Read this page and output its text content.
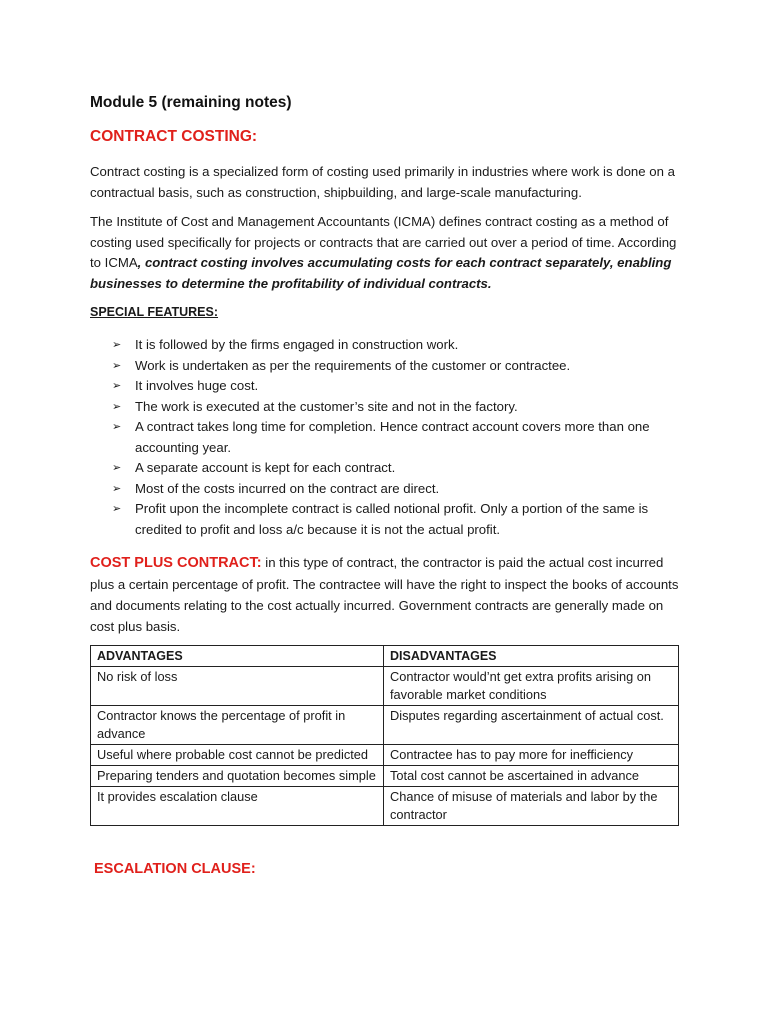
Module 5 (remaining notes)
CONTRACT COSTING:
Contract costing is a specialized form of costing used primarily in industries where work is done on a contractual basis, such as construction, shipbuilding, and large-scale manufacturing.
The Institute of Cost and Management Accountants (ICMA) defines contract costing as a method of costing used specifically for projects or contracts that are carried out over a period of time. According to ICMA, contract costing involves accumulating costs for each contract separately, enabling businesses to determine the profitability of individual contracts.
SPECIAL FEATURES:
➢ It is followed by the firms engaged in construction work.
➢ Work is undertaken as per the requirements of the customer or contractee.
➢ It involves huge cost.
➢ The work is executed at the customer’s site and not in the factory.
➢ A contract takes long time for completion. Hence contract account covers more than one accounting year.
➢ A separate account is kept for each contract.
➢ Most of the costs incurred on the contract are direct.
➢ Profit upon the incomplete contract is called notional profit. Only a portion of the same is credited to profit and loss a/c because it is not the actual profit.
COST PLUS CONTRACT: in this type of contract, the contractor is paid the actual cost incurred plus a certain percentage of profit. The contractee will have the right to inspect the books of accounts and documents relating to the cost actually incurred. Government contracts are generally made on cost plus basis.
ADVANTAGES	DISADVANTAGES
No risk of loss	Contractor would’nt get extra profits arising on favorable market conditions
Contractor knows the percentage of profit in advance	Disputes regarding ascertainment of actual cost.
Useful where probable cost cannot be predicted	Contractee has to pay more for inefficiency
Preparing tenders and quotation becomes simple	Total cost cannot be ascertained in advance
It provides escalation clause	Chance of misuse of materials and labor by the contractor
ESCALATION CLAUSE:
